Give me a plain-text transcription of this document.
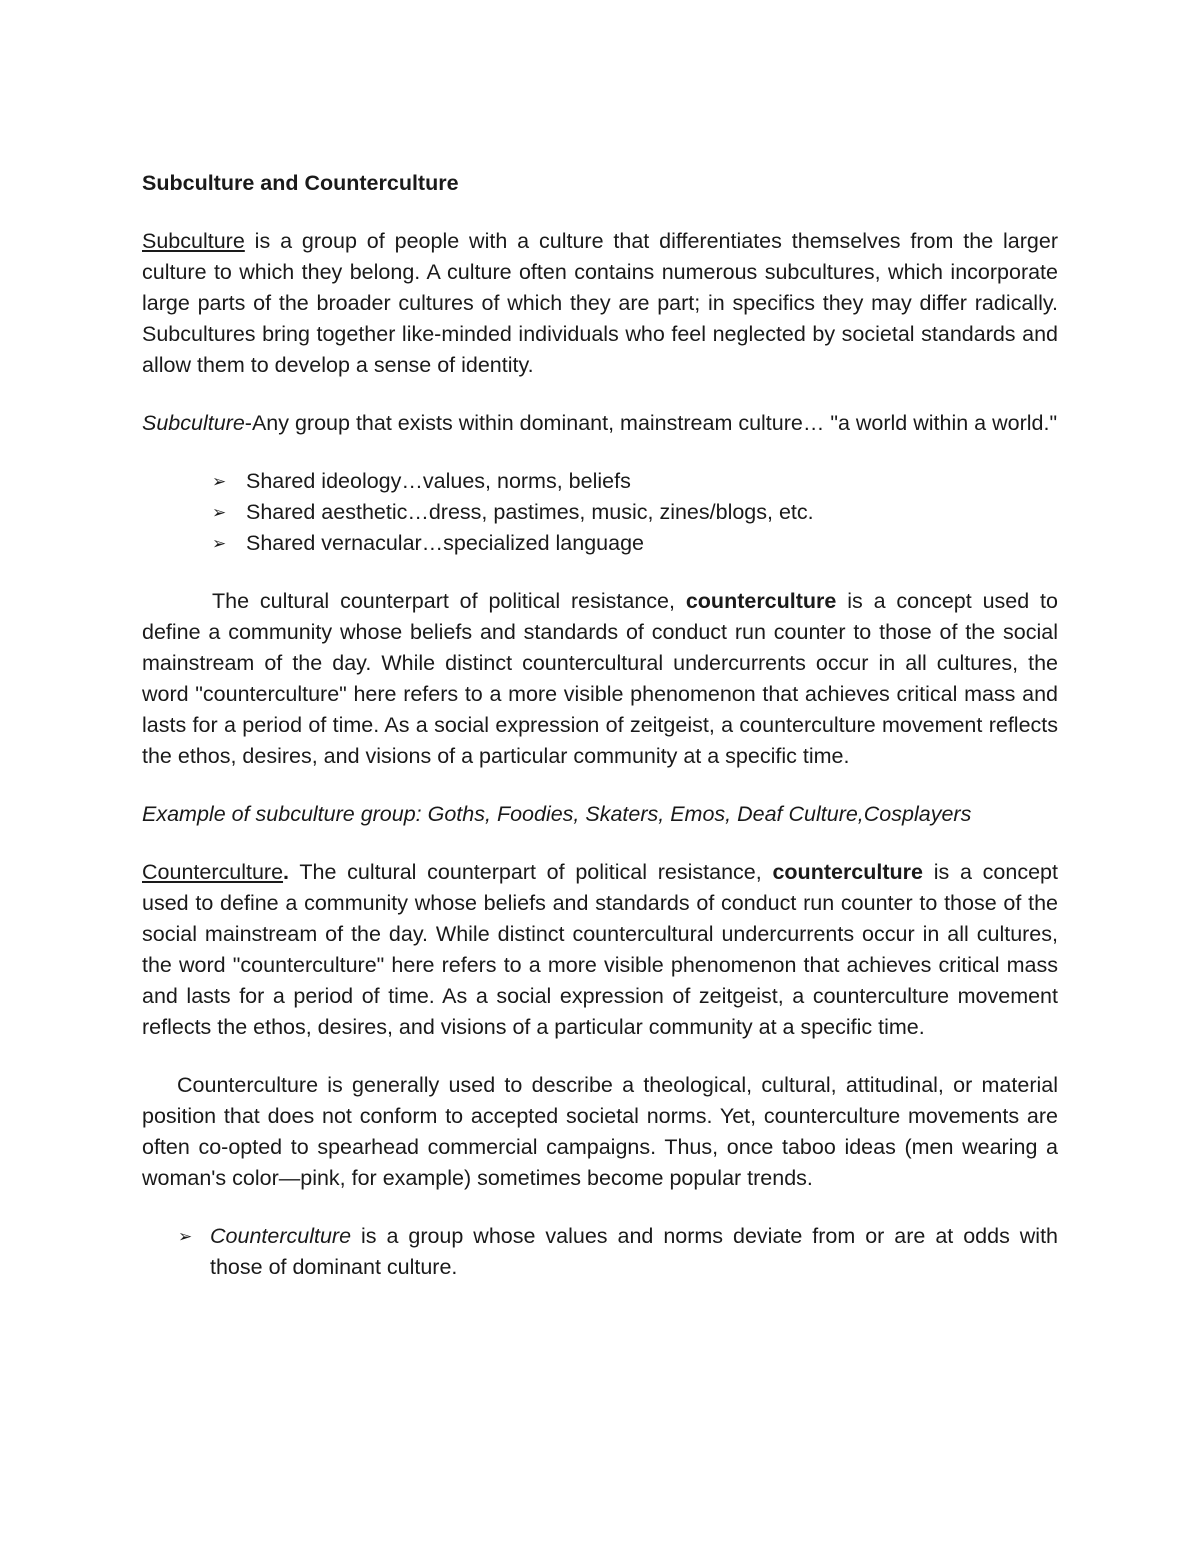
Subculture and Counterculture

Subculture is a group of people with a culture that differentiates themselves from the larger culture to which they belong. A culture often contains numerous subcultures, which incorporate large parts of the broader cultures of which they are part; in specifics they may differ radically. Subcultures bring together like-minded individuals who feel neglected by societal standards and allow them to develop a sense of identity.

Subculture-Any group that exists within dominant, mainstream culture… "a world within a world."

➢ Shared ideology…values, norms, beliefs
➢ Shared aesthetic…dress, pastimes, music, zines/blogs, etc.
➢ Shared vernacular…specialized language

The cultural counterpart of political resistance, counterculture is a concept used to define a community whose beliefs and standards of conduct run counter to those of the social mainstream of the day. While distinct countercultural undercurrents occur in all cultures, the word "counterculture" here refers to a more visible phenomenon that achieves critical mass and lasts for a period of time. As a social expression of zeitgeist, a counterculture movement reflects the ethos, desires, and visions of a particular community at a specific time.

Example of subculture group: Goths, Foodies, Skaters, Emos, Deaf Culture,Cosplayers

Counterculture. The cultural counterpart of political resistance, counterculture is a concept used to define a community whose beliefs and standards of conduct run counter to those of the social mainstream of the day. While distinct countercultural undercurrents occur in all cultures, the word "counterculture" here refers to a more visible phenomenon that achieves critical mass and lasts for a period of time. As a social expression of zeitgeist, a counterculture movement reflects the ethos, desires, and visions of a particular community at a specific time.

Counterculture is generally used to describe a theological, cultural, attitudinal, or material position that does not conform to accepted societal norms. Yet, counterculture movements are often co-opted to spearhead commercial campaigns. Thus, once taboo ideas (men wearing a woman's color—pink, for example) sometimes become popular trends.

➢ Counterculture is a group whose values and norms deviate from or are at odds with those of dominant culture.
